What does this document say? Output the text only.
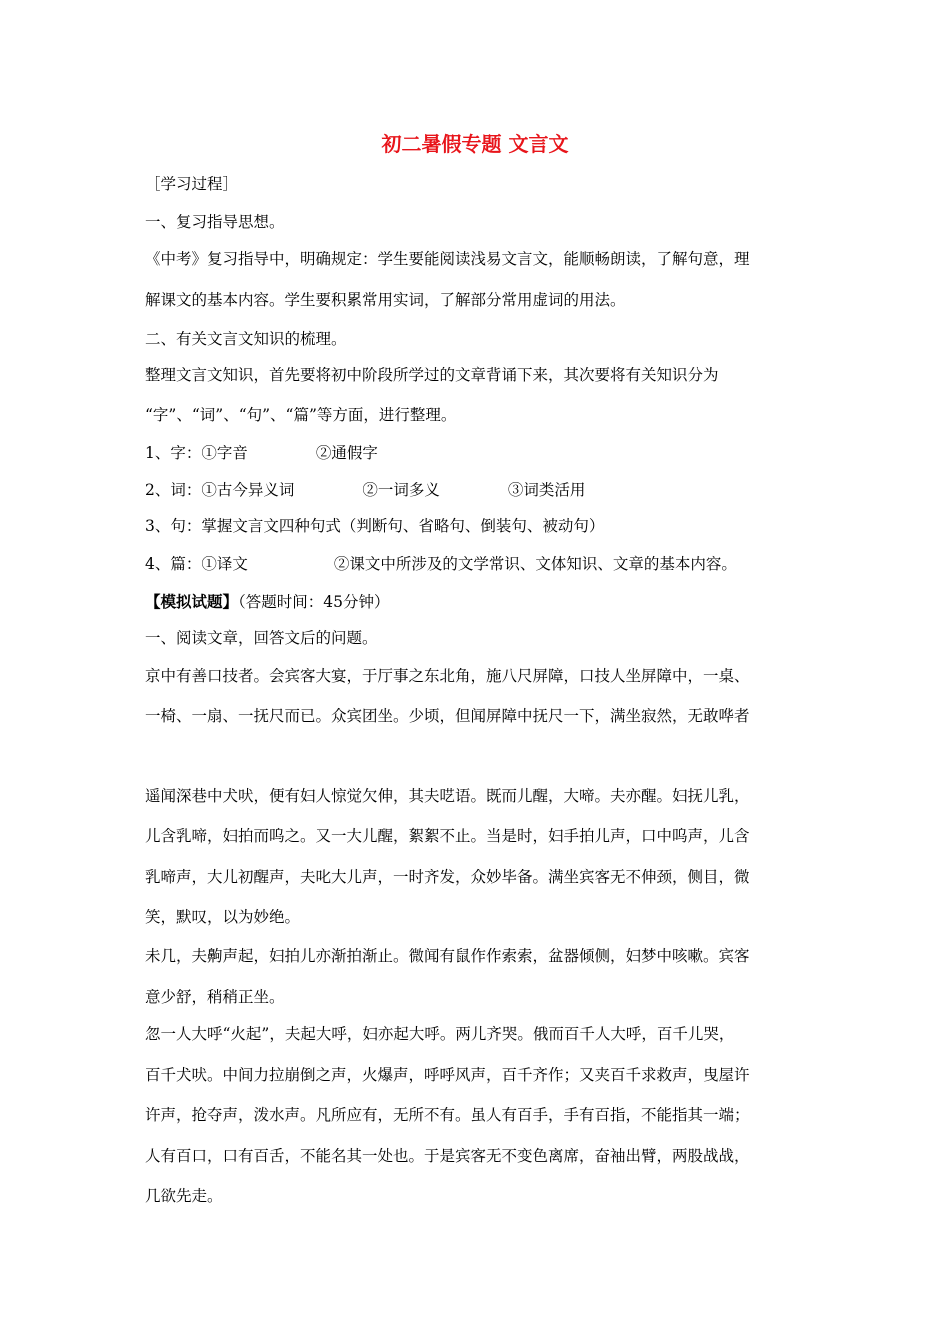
初二暑假专题 文言文
［学习过程］
一、复习指导思想。
《中考》复习指导中，明确规定：学生要能阅读浅易文言文，能顺畅朗读，了解句意，理
解课文的基本内容。学生要积累常用实词，了解部分常用虚词的用法。
二、有关文言文知识的梳理。
整理文言文知识，首先要将初中阶段所学过的文章背诵下来，其次要将有关知识分为
“字”、“词”、“句”、“篇”等方面，进行整理。
1、字：①字音	②通假字
2、词：①古今异义词	②一词多义	③词类活用
3、句：掌握文言文四种句式（判断句、省略句、倒装句、被动句）
4、篇：①译文	②课文中所涉及的文学常识、文体知识、文章的基本内容。
【模拟试题】（答题时间：45分钟）
一、阅读文章，回答文后的问题。
京中有善口技者。会宾客大宴，于厅事之东北角，施八尺屏障，口技人坐屏障中，一桌、
一椅、一扇、一抚尺而已。众宾团坐。少顷，但闻屏障中抚尺一下，满坐寂然，无敢哗者
遥闻深巷中犬吠，便有妇人惊觉欠伸，其夫呓语。既而儿醒，大啼。夫亦醒。妇抚儿乳，
儿含乳啼，妇拍而呜之。又一大儿醒，絮絮不止。当是时，妇手拍儿声，口中呜声，儿含
乳啼声，大儿初醒声，夫叱大儿声，一时齐发，众妙毕备。满坐宾客无不伸颈，侧目，微
笑，默叹，以为妙绝。
未几，夫齁声起，妇拍儿亦渐拍渐止。微闻有鼠作作索索，盆器倾侧，妇梦中咳嗽。宾客
意少舒，稍稍正坐。
忽一人大呼“火起”，夫起大呼，妇亦起大呼。两儿齐哭。俄而百千人大呼，百千儿哭，
百千犬吠。中间力拉崩倒之声，火爆声，呼呼风声，百千齐作；又夹百千求救声，曳屋许
许声，抢夺声，泼水声。凡所应有，无所不有。虽人有百手，手有百指，不能指其一端；
人有百口，口有百舌，不能名其一处也。于是宾客无不变色离席，奋袖出臂，两股战战，
几欲先走。
